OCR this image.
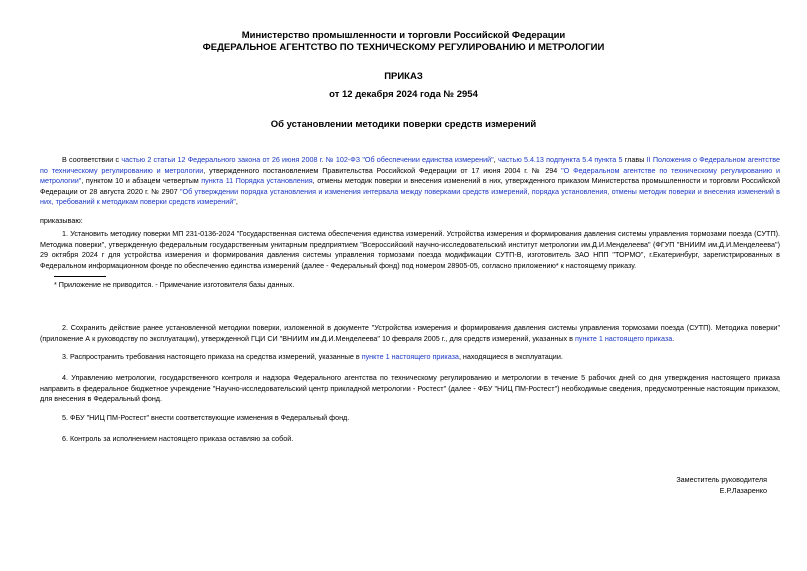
Министерство промышленности и торговли Российской Федерации
ФЕДЕРАЛЬНОЕ АГЕНТСТВО ПО ТЕХНИЧЕСКОМУ РЕГУЛИРОВАНИЮ И МЕТРОЛОГИИ
ПРИКАЗ
от 12 декабря 2024 года № 2954
Об установлении методики поверки средств измерений
В соответствии с частью 2 статьи 12 Федерального закона от 26 июня 2008 г. № 102-ФЗ "Об обеспечении единства измерений", частью 5.4.13 подпункта 5.4 пункта 5 главы II Положения о Федеральном агентстве по техническому регулированию и метрологии, утвержденного постановлением Правительства Российской Федерации от 17 июня 2004 г. № 294 "О Федеральном агентстве по техническому регулированию и метрологии", пунктом 10 и абзацем четвертым пункта 11 Порядка установления, отмены методик поверки и внесения изменений в них, утвержденного приказом Министерства промышленности и торговли Российской Федерации от 28 августа 2020 г. № 2907 "Об утверждении порядка установления и изменения интервала между поверками средств измерений, порядка установления, отмены методик поверки и внесения изменений в них, требований к методикам поверки средств измерений",
приказываю:
1. Установить методику поверки МП 231-0136-2024 "Государственная система обеспечения единства измерений. Устройства измерения и формирования давления системы управления тормозами поезда (СУТП). Методика поверки", утвержденную федеральным государственным унитарным предприятием "Всероссийский научно-исследовательский институт метрологии им.Д.И.Менделеева" (ФГУП "ВНИИМ им.Д.И.Менделеева") 29 октября 2024 г для устройства измерения и формирования давления системы управления тормозами поезда модификации СУТП-В, изготовитель ЗАО НПП "ТОРМО", г.Екатеринбург, зарегистрированных в Федеральном информационном фонде по обеспечению единства измерений (далее - Федеральный фонд) под номером 28905-05, согласно приложению* к настоящему приказу.
* Приложение не приводится. - Примечание изготовителя базы данных.
2. Сохранить действие ранее установленной методики поверки, изложенной в документе "Устройства измерения и формирования давления системы управления тормозами поезда (СУТП). Методика поверки" (приложение А к руководству по эксплуатации), утвержденной ГЦИ СИ "ВНИИМ им.Д.И.Менделеева" 10 февраля 2005 г., для средств измерений, указанных в пункте 1 настоящего приказа.
3. Распространить требования настоящего приказа на средства измерений, указанные в пункте 1 настоящего приказа, находящиеся в эксплуатации.
4. Управлению метрологии, государственного контроля и надзора Федерального агентства по техническому регулированию и метрологии в течение 5 рабочих дней со дня утверждения настоящего приказа направить в федеральное бюджетное учреждение "Научно-исследовательский центр прикладной метрологии - Ростест" (далее - ФБУ "НИЦ ПМ-Ростест") необходимые сведения, предусмотренные настоящим приказом, для внесения в Федеральный фонд.
5. ФБУ "НИЦ ПМ-Ростест" внести соответствующие изменения в Федеральный фонд.
6. Контроль за исполнением настоящего приказа оставляю за собой.
Заместитель руководителя
Е.Р.Лазаренко
